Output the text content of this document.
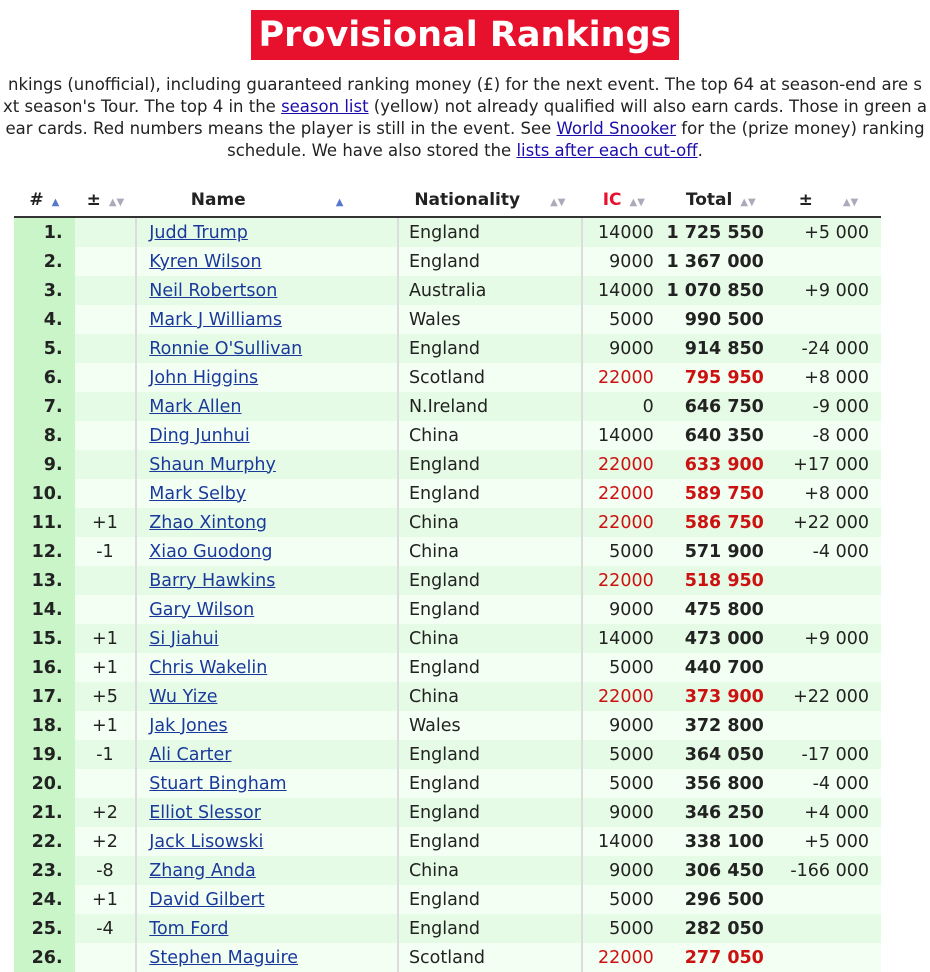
Provisional Rankings
nkings (unofficial), including guaranteed ranking money (£) for the next event. The top 64 at season-end are s
xt season's Tour. The top 4 in the season list (yellow) not already qualified will also earn cards. Those in green a
ear cards. Red numbers means the player is still in the event. See World Snooker for the (prize money) ranking
schedule. We have also stored the lists after each cut-off.
# ▲	± ▲▼	Name ▲	Nationality ▲▼	IC ▲▼	Total ▲▼	± ▲▼
1.		Judd Trump	England	14000	1 725 550	+5 000
2.		Kyren Wilson	England	9000	1 367 000	
3.		Neil Robertson	Australia	14000	1 070 850	+9 000
4.		Mark J Williams	Wales	5000	990 500	
5.		Ronnie O'Sullivan	England	9000	914 850	-24 000
6.		John Higgins	Scotland	22000	795 950	+8 000
7.		Mark Allen	N.Ireland	0	646 750	-9 000
8.		Ding Junhui	China	14000	640 350	-8 000
9.		Shaun Murphy	England	22000	633 900	+17 000
10.		Mark Selby	England	22000	589 750	+8 000
11.	+1	Zhao Xintong	China	22000	586 750	+22 000
12.	-1	Xiao Guodong	China	5000	571 900	-4 000
13.		Barry Hawkins	England	22000	518 950	
14.		Gary Wilson	England	9000	475 800	
15.	+1	Si Jiahui	China	14000	473 000	+9 000
16.	+1	Chris Wakelin	England	5000	440 700	
17.	+5	Wu Yize	China	22000	373 900	+22 000
18.	+1	Jak Jones	Wales	9000	372 800	
19.	-1	Ali Carter	England	5000	364 050	-17 000
20.		Stuart Bingham	England	5000	356 800	-4 000
21.	+2	Elliot Slessor	England	9000	346 250	+4 000
22.	+2	Jack Lisowski	England	14000	338 100	+5 000
23.	-8	Zhang Anda	China	9000	306 450	-166 000
24.	+1	David Gilbert	England	5000	296 500	
25.	-4	Tom Ford	England	5000	282 050	
26.		Stephen Maguire	Scotland	22000	277 050	
